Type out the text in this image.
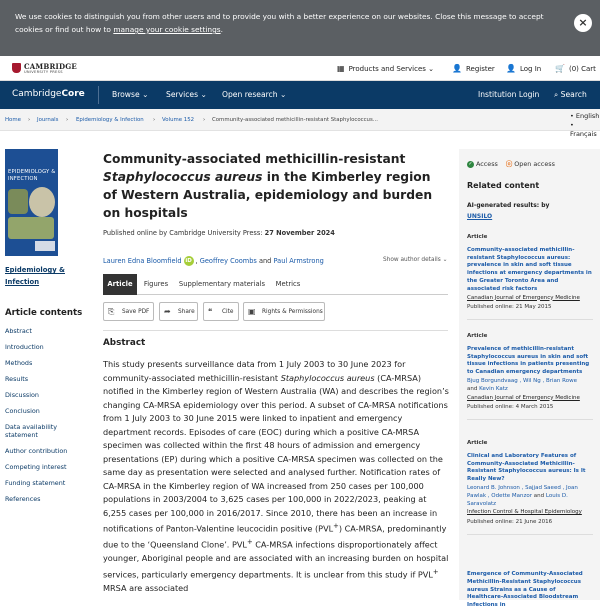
We use cookies to distinguish you from other users and to provide you with a better experience on our websites. Close this message to accept cookies or find out how to manage your cookie settings.
×
CAMBRIDGE
UNIVERSITY PRESS	▦ Products and Services ⌄ 👤 Register 👤 Log In 🛒 (0) Cart
CambridgeCore	Browse ⌄ Services ⌄ Open research ⌄	Institution Login ⌕ Search
Home › Journals › Epidemiology & Infection › Volume 152 › Community-associated methicillin-resistant Staphylococcus...	• English
• Français
EPIDEMIOLOGY & INFECTION
Epidemiology &
Infection
Article contents
Abstract
Introduction
Methods
Results
Discussion
Conclusion
Data availability statement
Author contribution
Competing interest
Funding statement
References
Community-associated methicillin-resistant Staphylococcus aureus in the Kimberley region of Western Australia, epidemiology and burden on hospitals
Published online by Cambridge University Press: 27 November 2024
Lauren Edna Bloomfield iD , Geoffrey Coombs and Paul Armstrong	Show author details ⌄
Article	Figures	Supplementary materials	Metrics
⎘ Save PDF	➦ Share	❝ Cite	▣ Rights & Permissions
Abstract
This study presents surveillance data from 1 July 2003 to 30 June 2023 for community-associated methicillin-resistant Staphylococcus aureus (CA-MRSA) notified in the Kimberley region of Western Australia (WA) and describes the region’s changing CA-MRSA epidemiology over this period. A subset of CA-MRSA notifications from 1 July 2003 to 30 June 2015 were linked to inpatient and emergency department records. Episodes of care (EOC) during which a positive CA-MRSA specimen was collected within the first 48 hours of admission and emergency presentations (EP) during which a positive CA-MRSA specimen was collected on the same day as presentation were selected and analysed further. Notification rates of CA-MRSA in the Kimberley region of WA increased from 250 cases per 100,000 populations in 2003/2004 to 3,625 cases per 100,000 in 2022/2023, peaking at 6,255 cases per 100,000 in 2016/2017. Since 2010, there has been an increase in notifications of Panton-Valentine leucocidin positive (PVL+) CA-MRSA, predominantly due to the ‘Queensland Clone’. PVL+ CA-MRSA infections disproportionately affect younger, Aboriginal people and are associated with an increasing burden on hospital services, particularly emergency departments. It is unclear from this study if PVL+ MRSA are associated
✓ Access ⓞ Open access
Related content
AI-generated results: by
UNSILO
Article
Community-associated methicillin-resistant Staphylococcus aureus: prevalence in skin and soft tissue infections at emergency departments in the Greater Toronto Area and associated risk factors
Canadian Journal of Emergency Medicine
Published online: 21 May 2015
Article
Prevalence of methicillin-resistant Staphylococcus aureus in skin and soft tissue infections in patients presenting to Canadian emergency departments
Bjug Borgundvaag , Wil Ng , Brian Rowe
and Kevin Katz
Canadian Journal of Emergency Medicine
Published online: 4 March 2015
Article
Clinical and Laboratory Features of Community-Associated Methicillin-Resistant Staphylococcus aureus: Is It Really New?
Leonard B. Johnson , Sajjad Saeed , Joan Pawlak , Odette Manzor and Louis D. Saravolatz
Infection Control & Hospital Epidemiology
Published online: 21 June 2016
Emergence of Community-Associated Methicillin-Resistant Staphylococcus aureus Strains as a Cause of Healthcare-Associated Bloodstream Infections in
